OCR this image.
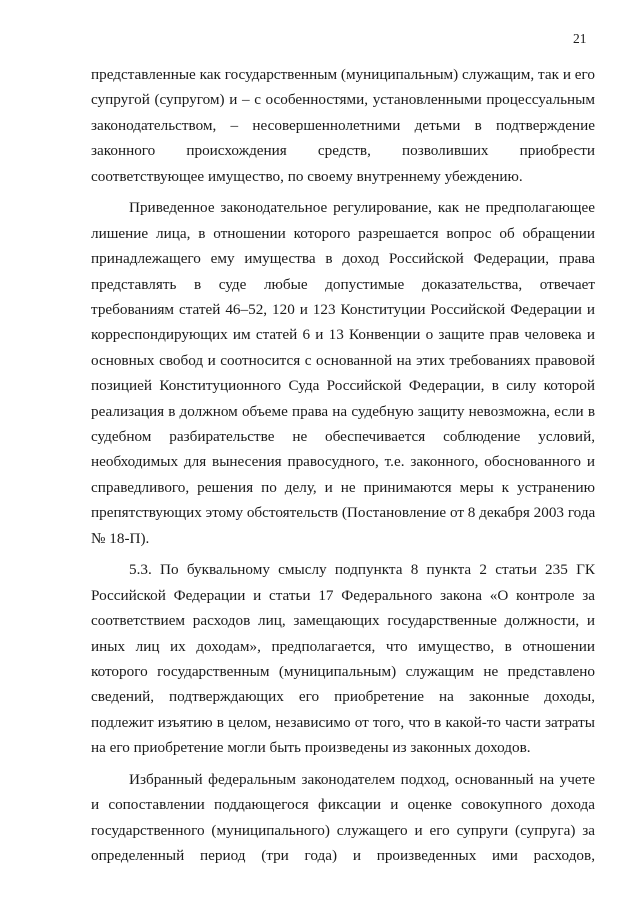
21
представленные как государственным (муниципальным) служащим, так и его
супругой (супругом) и – с особенностями, установленными процессуальным
законодательством, – несовершеннолетними детьми в подтверждение
законного происхождения средств, позволивших приобрести
соответствующее имущество, по своему внутреннему убеждению.
Приведенное законодательное регулирование, как не предполагающее
лишение лица, в отношении которого разрешается вопрос об обращении
принадлежащего ему имущества в доход Российской Федерации, права
представлять в суде любые допустимые доказательства, отвечает
требованиям статей 46–52, 120 и 123 Конституции Российской Федерации и
корреспондирующих им статей 6 и 13 Конвенции о защите прав человека и
основных свобод и соотносится с основанной на этих требованиях правовой
позицией Конституционного Суда Российской Федерации, в силу которой
реализация в должном объеме права на судебную защиту невозможна, если в
судебном разбирательстве не обеспечивается соблюдение условий,
необходимых для вынесения правосудного, т.е. законного, обоснованного и
справедливого, решения по делу, и не принимаются меры к устранению
препятствующих этому обстоятельств (Постановление от 8 декабря 2003 года
№ 18-П).
5.3. По буквальному смыслу подпункта 8 пункта 2 статьи 235 ГК
Российской Федерации и статьи 17 Федерального закона «О контроле за
соответствием расходов лиц, замещающих государственные должности, и
иных лиц их доходам», предполагается, что имущество, в отношении
которого государственным (муниципальным) служащим не представлено
сведений, подтверждающих его приобретение на законные доходы,
подлежит изъятию в целом, независимо от того, что в какой-то части затраты
на его приобретение могли быть произведены из законных доходов.
Избранный федеральным законодателем подход, основанный на учете
и сопоставлении поддающегося фиксации и оценке совокупного дохода
государственного (муниципального) служащего и его супруги (супруга) за
определенный период (три года) и произведенных ими расходов,
